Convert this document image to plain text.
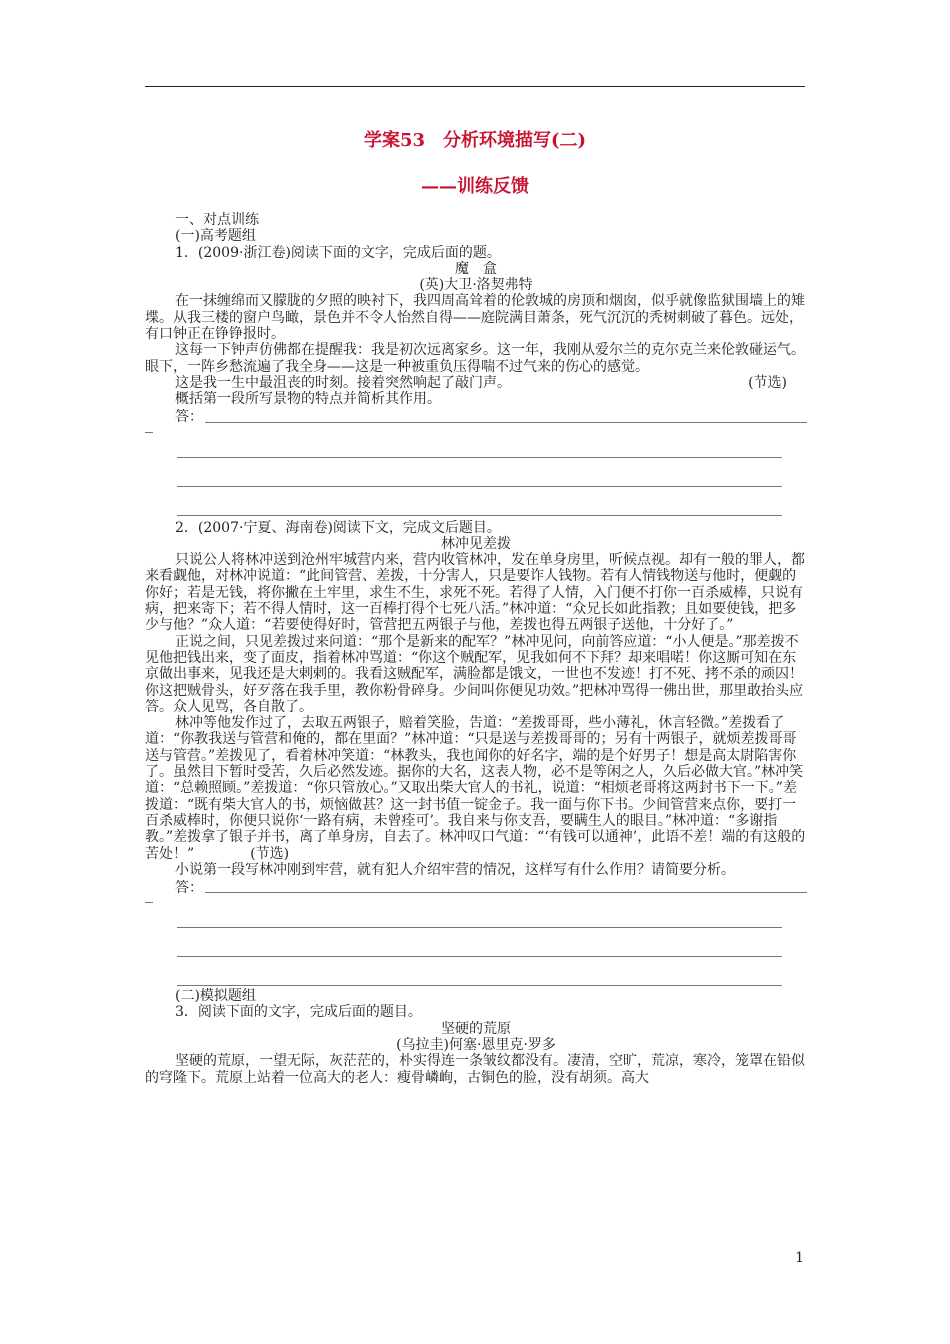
学案53　分析环境描写(二)
——训练反馈

一、对点训练

(一)高考题组

1．(2009·浙江卷)阅读下面的文字，完成后面的题。

魔　盒

(英)大卫·洛契弗特

在一抹缠绵而又朦胧的夕照的映衬下，我四周高耸着的伦敦城的房顶和烟囱，似乎就像监狱围墙上的雉堞。从我三楼的窗户鸟瞰，景色并不令人怡然自得——庭院满目萧条，死气沉沉的秃树刺破了暮色。远处，有口钟正在铮铮报时。

这每一下钟声仿佛都在提醒我：我是初次远离家乡。这一年，我刚从爱尔兰的克尔克兰来伦敦碰运气。眼下，一阵乡愁流遍了我全身——这是一种被重负压得喘不过气来的伤心的感觉。

这是我一生中最沮丧的时刻。接着突然响起了敲门声。	(节选)

概括第一段所写景物的特点并简析其作用。

答：

2．(2007·宁夏、海南卷)阅读下文，完成文后题目。

林冲见差拨

只说公人将林冲送到沧州牢城营内来，营内收管林冲，发在单身房里，听候点视。却有一般的罪人，都来看觑他，对林冲说道：“此间管营、差拨，十分害人，只是要诈人钱物。若有人情钱物送与他时，便觑的你好；若是无钱，将你撇在土牢里，求生不生，求死不死。若得了人情，入门便不打你一百杀威棒，只说有病，把来寄下；若不得人情时，这一百棒打得个七死八活。”林冲道：“众兄长如此指教；且如要使钱，把多少与他？”众人道：“若要使得好时，管营把五两银子与他，差拨也得五两银子送他，十分好了。”

正说之间，只见差拨过来问道：“那个是新来的配军？”林冲见问，向前答应道：“小人便是。”那差拨不见他把钱出来，变了面皮，指着林冲骂道：“你这个贼配军，见我如何不下拜？却来唱喏！你这厮可知在东京做出事来，见我还是大剌剌的。我看这贼配军，满脸都是饿文，一世也不发迹！打不死、拷不杀的顽囚！你这把贼骨头，好歹落在我手里，教你粉骨碎身。少间叫你便见功效。”把林冲骂得一佛出世，那里敢抬头应答。众人见骂，各自散了。

林冲等他发作过了，去取五两银子，赔着笑脸，告道：“差拨哥哥，些小薄礼，休言轻微。”差拨看了道：“你教我送与管营和俺的，都在里面？”林冲道：“只是送与差拨哥哥的；另有十两银子，就烦差拨哥哥送与管营。”差拨见了，看着林冲笑道：“林教头，我也闻你的好名字，端的是个好男子！想是高太尉陷害你了。虽然目下暂时受苦，久后必然发迹。据你的大名，这表人物，必不是等闲之人，久后必做大官。”林冲笑道：“总赖照顾。”差拨道：“你只管放心。”又取出柴大官人的书礼，说道：“相烦老哥将这两封书下一下。”差拨道：“既有柴大官人的书，烦恼做甚？这一封书值一锭金子。我一面与你下书。少间管营来点你，要打一百杀威棒时，你便只说你‘一路有病，未曾痊可’。我自来与你支吾，要瞒生人的眼目。”林冲道：“多谢指教。”差拨拿了银子并书，离了单身房，自去了。林冲叹口气道：“‘有钱可以通神’，此语不差！端的有这般的苦处！”　　　　	(节选)

小说第一段写林冲刚到牢营，就有犯人介绍牢营的情况，这样写有什么作用？请简要分析。

答：

(二)模拟题组

3．阅读下面的文字，完成后面的题目。

坚硬的荒原

(乌拉圭)何塞·恩里克·罗多

坚硬的荒原，一望无际，灰茫茫的，朴实得连一条皱纹都没有。凄清，空旷，荒凉，寒冷，笼罩在铅似的穹隆下。荒原上站着一位高大的老人：瘦骨嶙峋，古铜色的脸，没有胡须。高大

1
